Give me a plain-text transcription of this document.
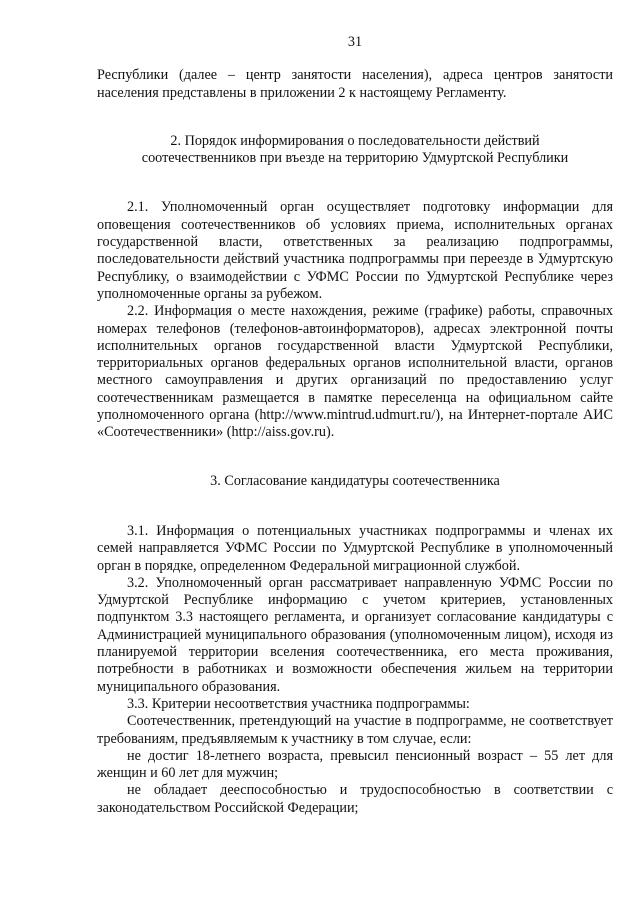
31

Республики (далее – центр занятости населения), адреса центров занятости населения представлены в приложении 2 к настоящему Регламенту.

2. Порядок информирования о последовательности действий
соотечественников при въезде на территорию Удмуртской Республики

2.1. Уполномоченный орган осуществляет подготовку информации для оповещения соотечественников об условиях приема, исполнительных органах государственной власти, ответственных за реализацию подпрограммы, последовательности действий участника подпрограммы при переезде в Удмуртскую Республику, о взаимодействии с УФМС России по Удмуртской Республике через уполномоченные органы за рубежом.

2.2. Информация о месте нахождения, режиме (графике) работы, справочных номерах телефонов (телефонов-автоинформаторов), адресах электронной почты исполнительных органов государственной власти Удмуртской Республики, территориальных органов федеральных органов исполнительной власти, органов местного самоуправления и других организаций по предоставлению услуг соотечественникам размещается в памятке переселенца на официальном сайте уполномоченного органа (http://www.mintrud.udmurt.ru/), на Интернет-портале АИС «Соотечественники» (http://aiss.gov.ru).

3. Согласование кандидатуры соотечественника

3.1. Информация о потенциальных участниках подпрограммы и членах их семей направляется УФМС России по Удмуртской Республике в уполномоченный орган в порядке, определенном Федеральной миграционной службой.

3.2. Уполномоченный орган рассматривает направленную УФМС России по Удмуртской Республике информацию с учетом критериев, установленных подпунктом 3.3 настоящего регламента, и организует согласование кандидатуры с Администрацией муниципального образования (уполномоченным лицом), исходя из планируемой территории вселения соотечественника, его места проживания, потребности в работниках и возможности обеспечения жильем на территории муниципального образования.

3.3. Критерии несоответствия участника подпрограммы:

Соотечественник, претендующий на участие в подпрограмме, не соответствует требованиям, предъявляемым к участнику в том случае, если:

не достиг 18-летнего возраста, превысил пенсионный возраст – 55 лет для женщин и 60 лет для мужчин;

не обладает дееспособностью и трудоспособностью в соответствии с законодательством Российской Федерации;
